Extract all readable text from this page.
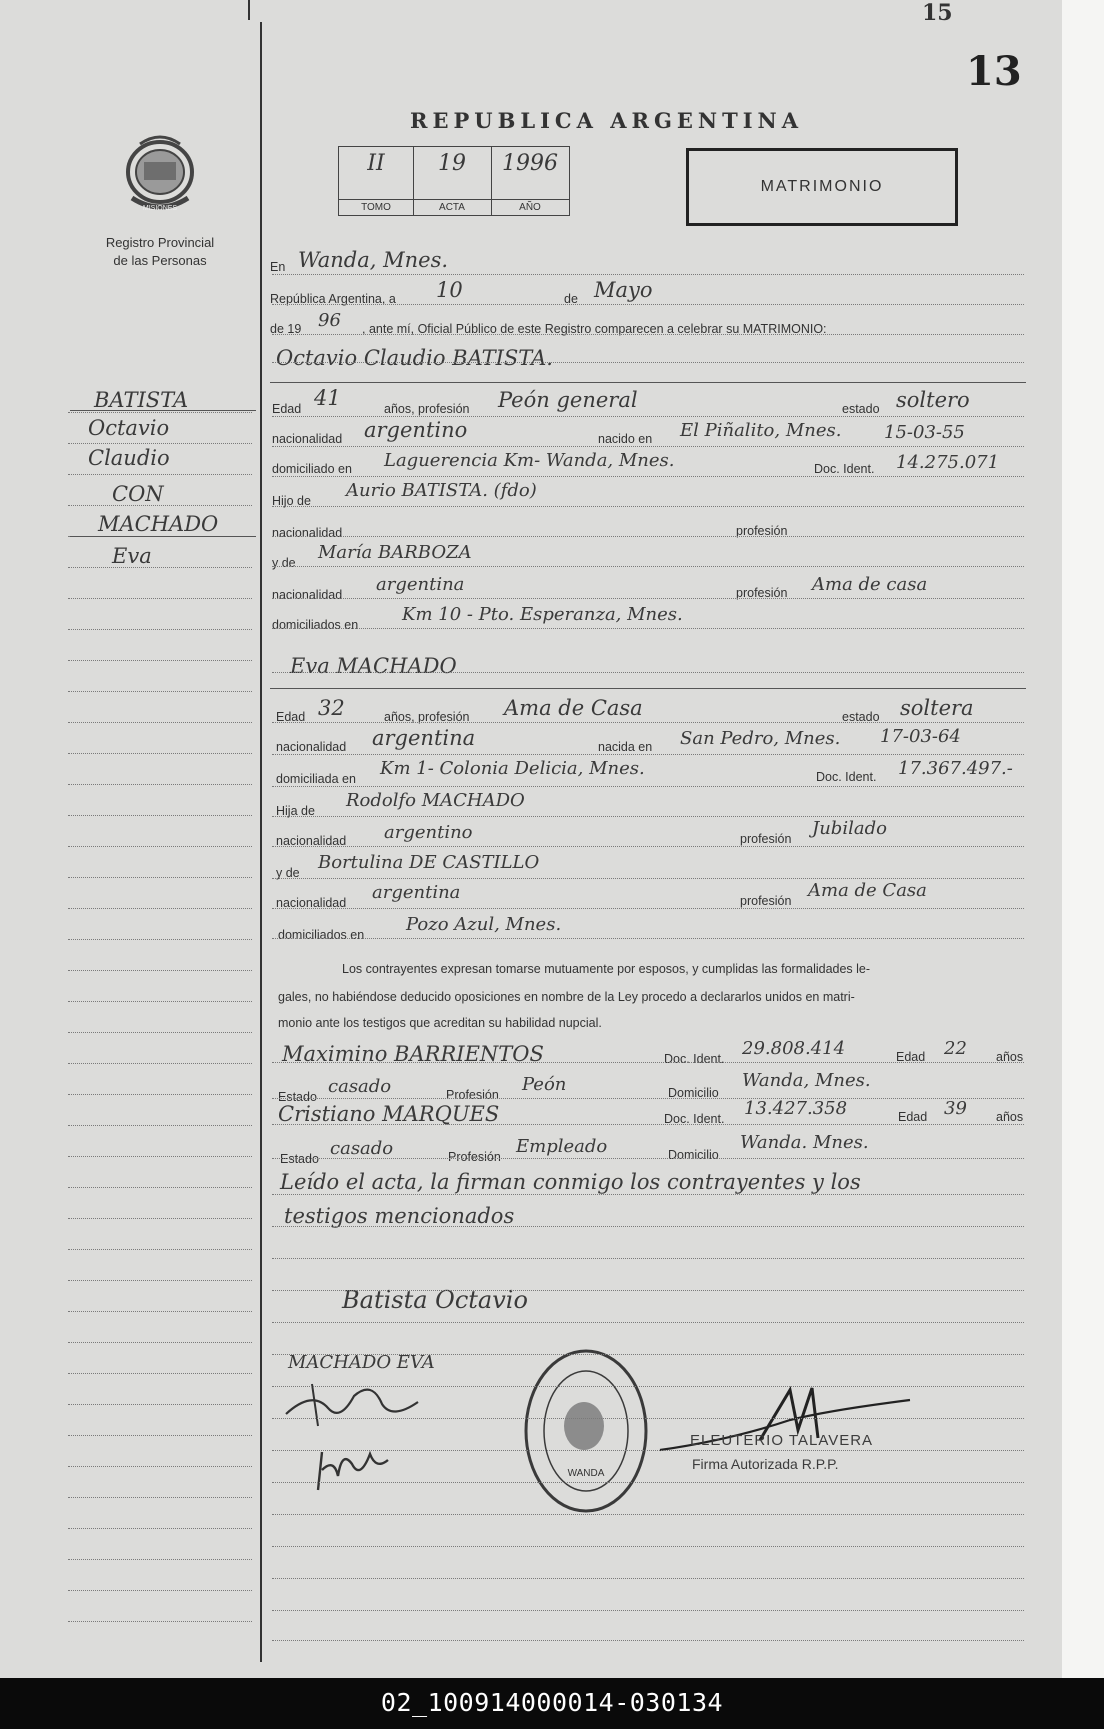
13
15
MISIONES
Registro Provincial
de las Personas
REPUBLICA ARGENTINA
II
TOMO
19
ACTA
1996
AÑO
MATRIMONIO
BATISTA
Octavio
Claudio
CON
MACHADO
Eva
En Wanda, Mnes.
República Argentina, a 10	de Mayo
de 19 96 , ante mí, Oficial Público de este Registro comparecen a celebrar su MATRIMONIO:
Octavio Claudio BATISTA.
Edad 41	años, profesión Peón general	estado soltero
nacionalidad argentino	nacido en El Piñalito, Mnes. 15-03-55
domiciliado en Laguerencia Km- Wanda, Mnes.	Doc. Ident. 14.275.071
Hijo de Aurio BATISTA. (fdo)
nacionalidad	profesión
y de María BARBOZA
nacionalidad argentina	profesión Ama de casa
domiciliados en Km 10 - Pto. Esperanza, Mnes.
Eva MACHADO
Edad 32	años, profesión Ama de Casa	estado soltera
nacionalidad argentina	nacida en San Pedro, Mnes. 17-03-64
domiciliada en Km 1- Colonia Delicia, Mnes.	Doc. Ident. 17.367.497.-
Hija de Rodolfo MACHADO
nacionalidad argentino	profesión Jubilado
y de Bortulina DE CASTILLO
nacionalidad argentina	profesión Ama de Casa
domiciliados en Pozo Azul, Mnes.
Los contrayentes expresan tomarse mutuamente por esposos, y cumplidas las formalidades le-
gales, no habiéndose deducido oposiciones en nombre de la Ley procedo a declararlos unidos en matri-
monio ante los testigos que acreditan su habilidad nupcial.
Maximino BARRIENTOS	Doc. Ident. 29.808.414	Edad 22 años
Estado casado	Profesión Peón	Domicilio
Wanda, Mnes.
Cristiano MARQUES	Doc. Ident. 13.427.358	Edad 39 años
Estado casado	Profesión Empleado	Domicilio
Wanda. Mnes.
Leído el acta, la firman conmigo los contrayentes y los
testigos mencionados
Batista Octavio
MACHADO EVA
WANDA
ELEUTERIO TALAVERA
Firma Autorizada R.P.P.
02_100914000014-030134
